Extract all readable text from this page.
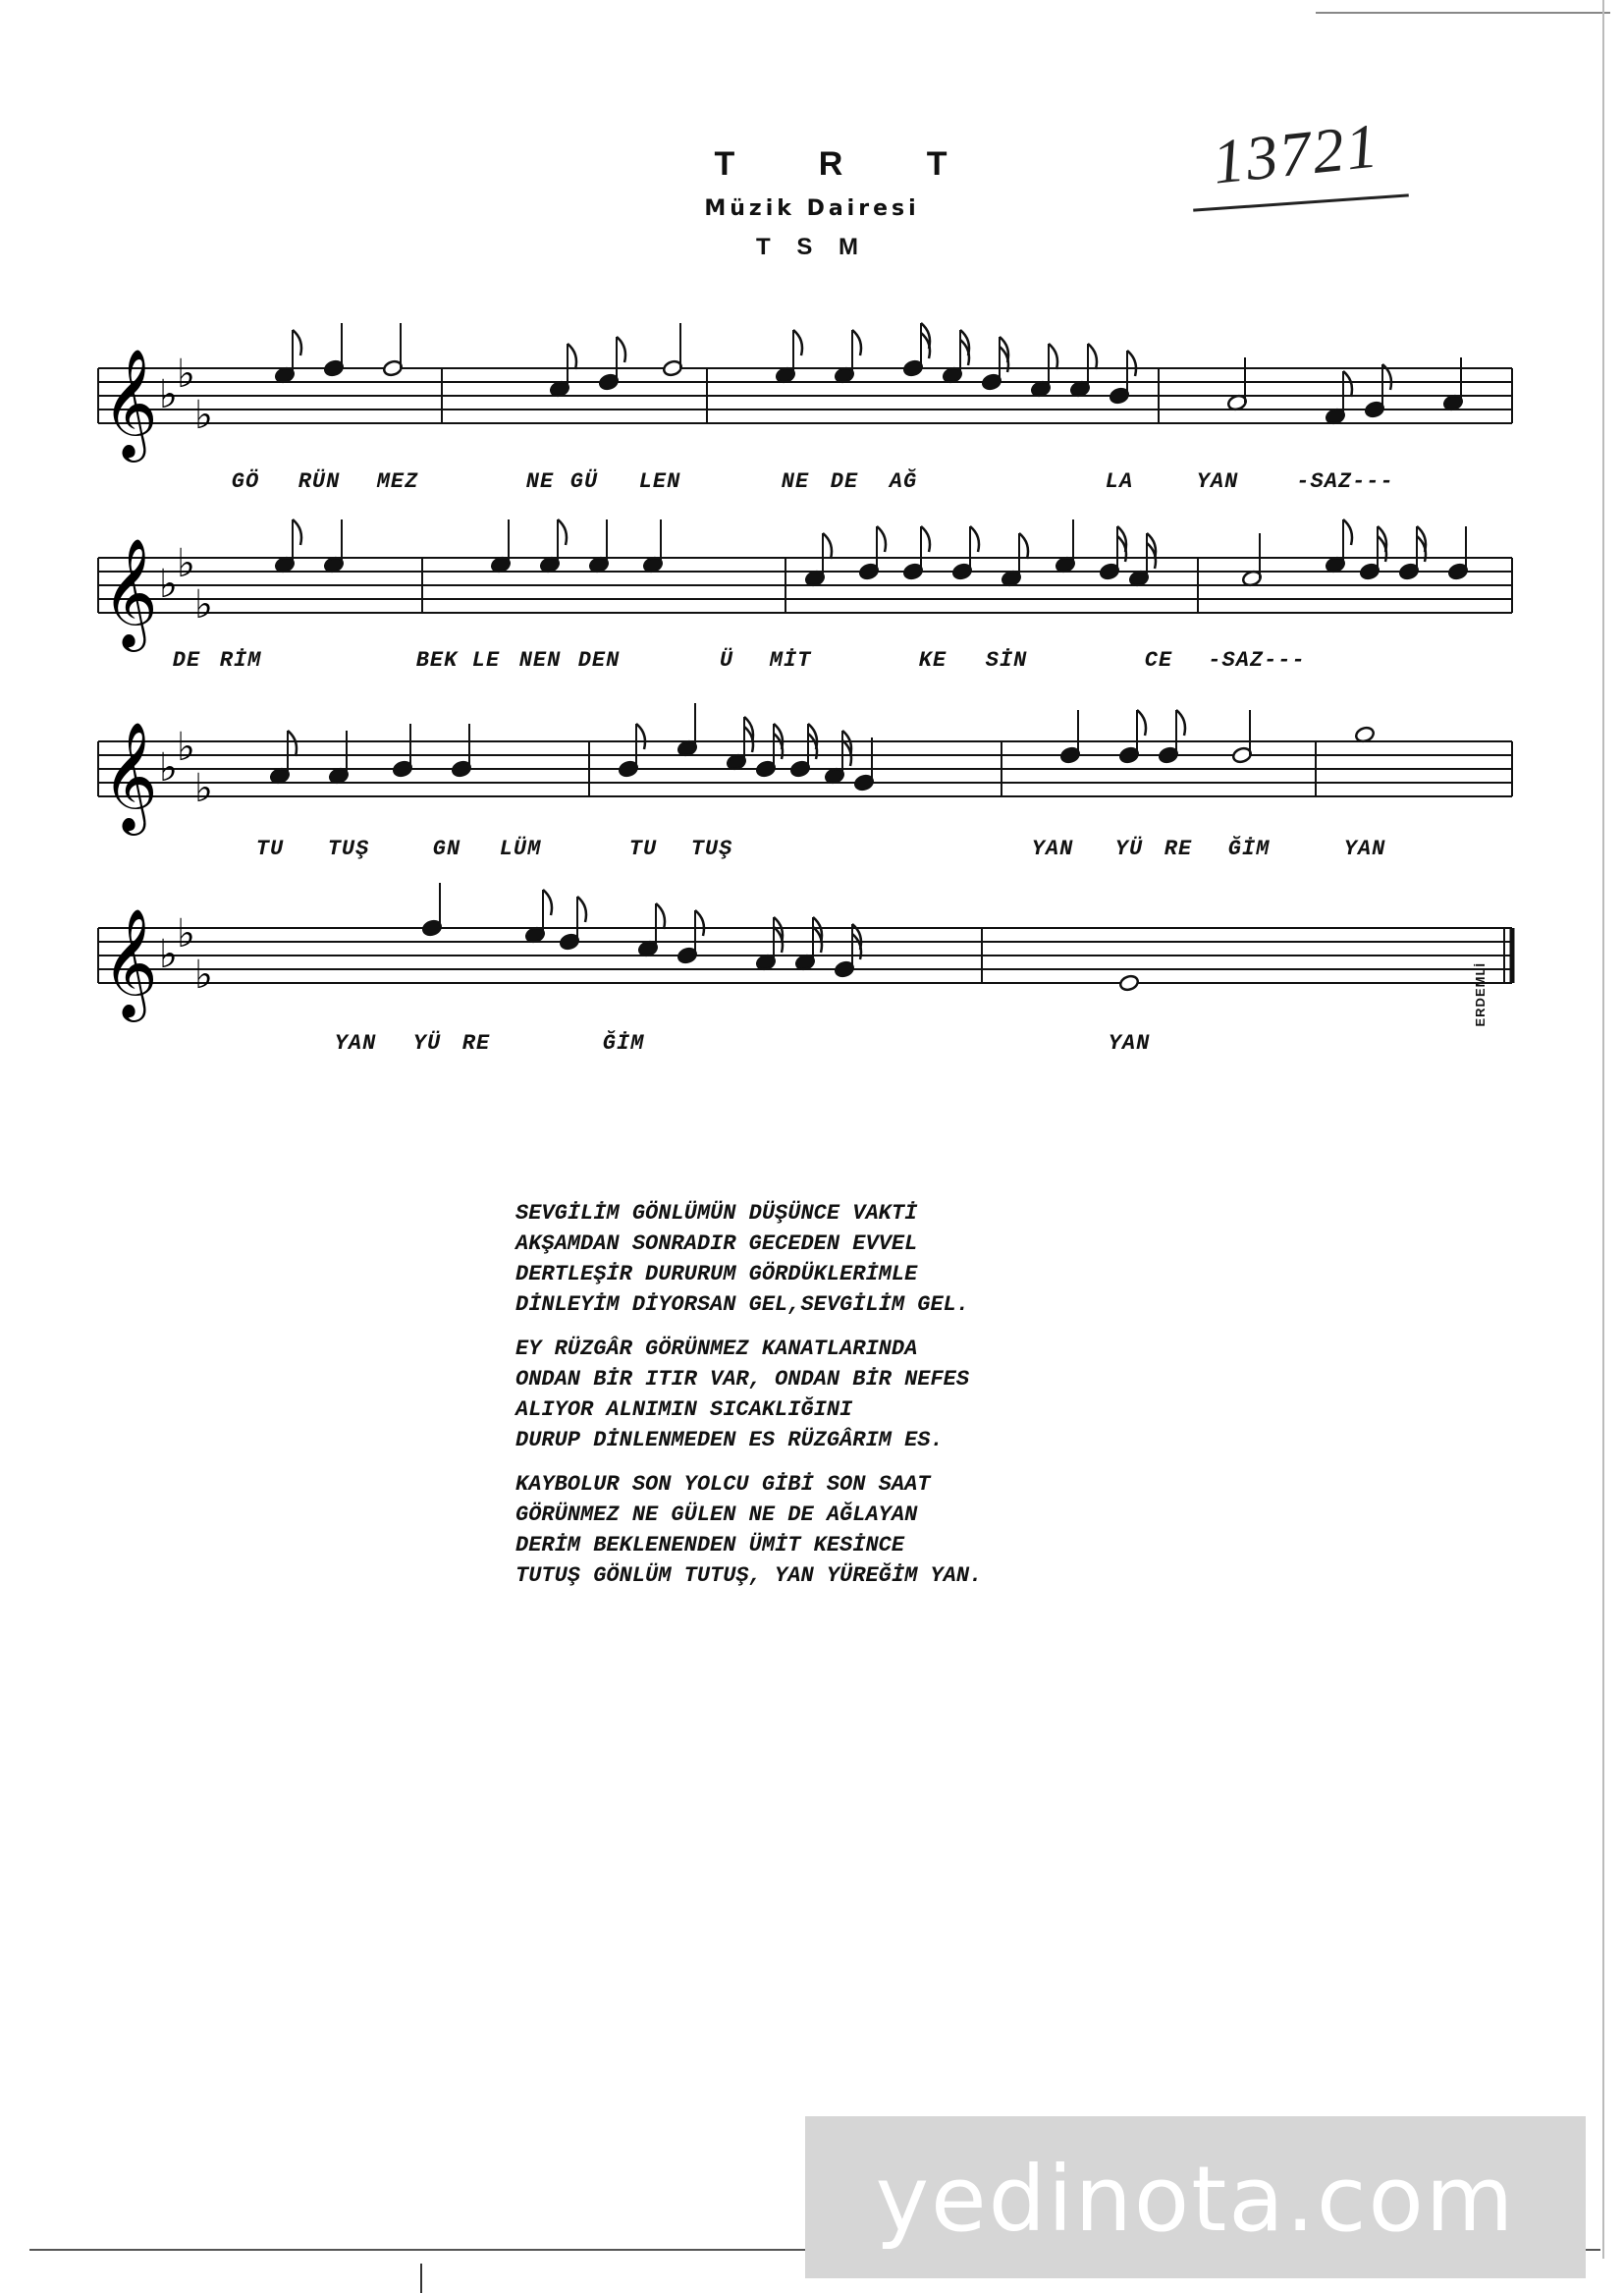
T R T
Müzik Dairesi
T S M
13721
𝄞 ♭ ♭
♭
GÖ RÜN MEZ	NE GÜ LEN	NE DE AĞ	LA	YAN	-SAZ---
𝄞 ♭ ♭
♭
DE RİM	BEK LE NEN DEN	Ü MİT	KE SİN	CE -SAZ---
𝄞 ♭ ♭
♭
TU TUŞ	GN LÜM	TU TUŞ	YAN YÜ RE ĞİM	YAN
𝄞 ♭ ♭
♭
YAN YÜ RE	ĞİM	YAN
ERDEMLİ
SEVGİLİM GÖNLÜMÜN DÜŞÜNCE VAKTİ
AKŞAMDAN SONRADIR GECEDEN EVVEL
DERTLEŞİR DURURUM GÖRDÜKLERİMLE
DİNLEYİM DİYORSAN GEL,SEVGİLİM GEL.
EY RÜZGÂR GÖRÜNMEZ KANATLARINDA
ONDAN BİR ITIR VAR, ONDAN BİR NEFES
ALIYOR ALNIMIN SICAKLIĞINI
DURUP DİNLENMEDEN ES RÜZGÂRIM ES.
KAYBOLUR SON YOLCU GİBİ SON SAAT
GÖRÜNMEZ NE GÜLEN NE DE AĞLAYAN
DERİM BEKLENENDEN ÜMİT KESİNCE
TUTUŞ GÖNLÜM TUTUŞ, YAN YÜREĞİM YAN.
yedinota.com
